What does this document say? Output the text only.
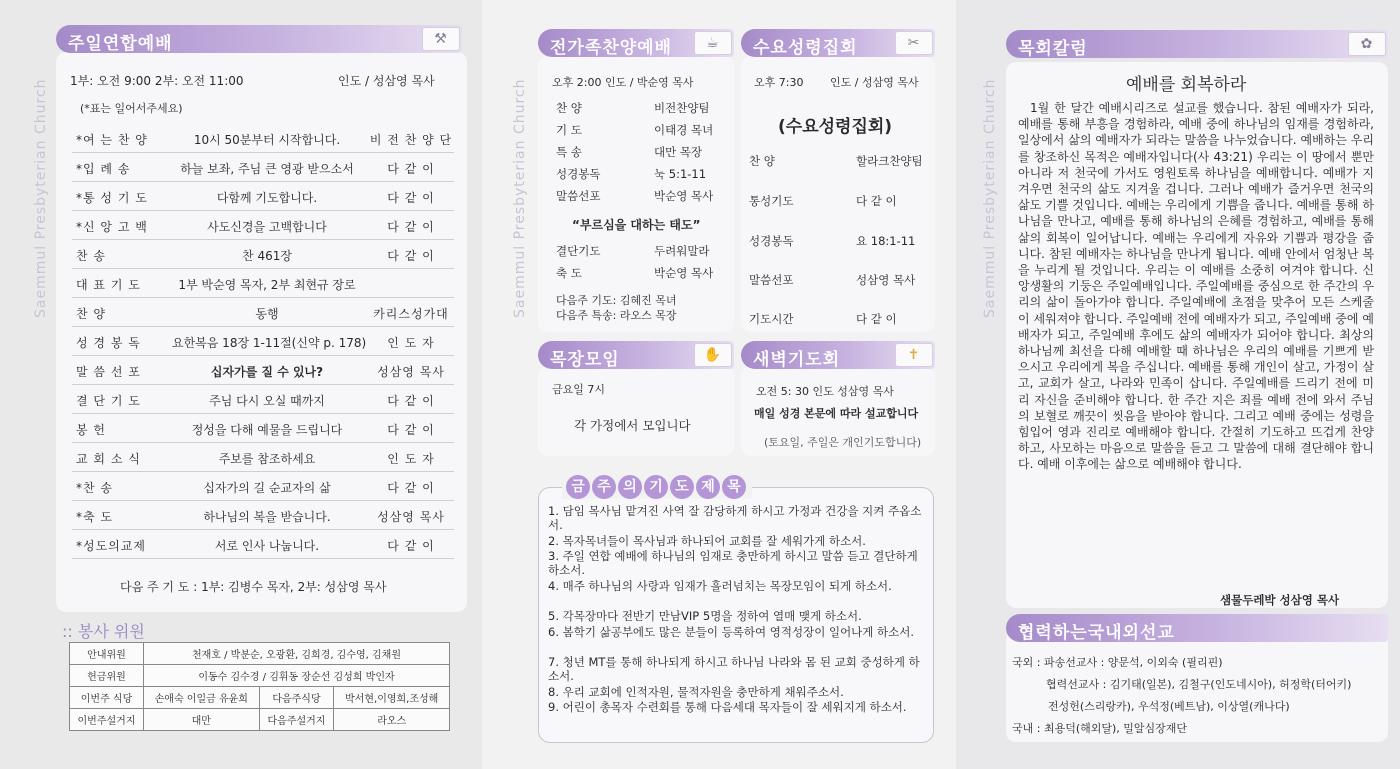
Saemmul Presbyterian Church
주일연합예배	⚒
1부: 오전 9:00 2부: 오전 11:00	인도 / 성삼영 목사
(*표는 일어서주세요)
*여 는 찬 양	10시 50분부터 시작합니다.	비 전 찬 양 단
*입 례 송	하늘 보좌, 주님 큰 영광 받으소서	다 같 이
*통 성 기 도	다함께 기도합니다.	다 같 이
*신 앙 고 백	사도신경을 고백합니다	다 같 이
찬 송	찬 461장	다 같 이
대 표 기 도	1부 박순영 목자, 2부 최현규 장로
찬 양	동행	카리스성가대
성 경 봉 독	요한복음 18장 1-11절(신약 p. 178)	인 도 자
말 씀 선 포	십자가를 질 수 있나?	성삼영 목사
결 단 기 도	주님 다시 오실 때까지	다 같 이
봉 헌	정성을 다해 예물을 드립니다	다 같 이
교 회 소 식	주보를 참조하세요	인 도 자
*찬 송	십자가의 길 순교자의 삶	다 같 이
*축 도	하나님의 복을 받습니다.	성삼영 목사
*성도의교제	서로 인사 나눕니다.	다 같 이
다음 주 기 도 : 1부: 김병수 목자, 2부: 성삼영 목사
:: 봉사 위원
안내위원	천재호 / 박분순, 오광환, 김희경, 김수영, 김채원		
헌금위원	이동수 김수경 / 김휘동 장순선 김성희 박인자		
이번주 식당	손애숙 이일금 유윤희	다음주식당	박서현,이영희,조성해
이번주설거지	대만	다음주설거지	라오스
Saemmul Presbyterian Church
전가족찬양예배	☕
오후 2:00 인도 / 박순영 목사
찬 양	비전찬양팀
기 도	이태경 목녀
특 송	대만 목장
성경봉독	눅 5:1-11
말씀선포	박순영 목사
결단기도	두려워말라
축 도	박순영 목사
“부르심을 대하는 태도”
다음주 기도: 김혜진 목녀
다음주 특송: 라오스 목장
수요성령집회	✂
오후 7:30 인도 / 성삼영 목사
(수요성령집회)
찬 양	할라크찬양팀
통성기도	다 같 이
성경봉독	요 18:1-11
말씀선포	성삼영 목사
기도시간	다 같 이
목장모임	✋
금요일 7시
각 가정에서 모입니다
새벽기도회	✝
오전 5: 30 인도 성삼영 목사
매일 성경 본문에 따라 설교합니다
(토요일, 주일은 개인기도합니다)
금 주 의 기 도 제 목
1. 담임 목사님 맡겨진 사역 잘 감당하게 하시고 가정과 건강을 지켜 주옵소서.
2. 목자목녀들이 목사님과 하나되어 교회를 잘 세워가게 하소서.
3. 주일 연합 예배에 하나님의 임재로 충만하게 하시고 말씀 듣고 결단하게 하소서.
4. 매주 하나님의 사랑과 임재가 흘러넘치는 목장모임이 되게 하소서.
5. 각목장마다 전반기 만남VIP 5명을 정하여 열매 맺게 하소서.
6. 봄학기 삶공부에도 많은 분들이 등록하여 영적성장이 일어나게 하소서.
7. 청년 MT를 통해 하나되게 하시고 하나님 나라와 몸 된 교회 중성하게 하소서.
8. 우리 교회에 인적자원, 물적자원을 충만하게 채워주소서.
9. 어린이 총목자 수련회를 통해 다음세대 목자들이 잘 세워지게 하소서.
Saemmul Presbyterian Church
목회칼럼	✿
예배를 회복하라
1월 한 달간 예배시리즈로 설교를 했습니다. 참된 예배자가 되라, 예배를 통해 부흥을 경험하라, 예배 중에 하나님의 임재를 경험하라, 일상에서 삶의 예배자가 되라는 말씀을 나누었습니다. 예배하는 우리를 창조하신 목적은 예배자입니다(사 43:21) 우리는 이 땅에서 뿐만 아니라 저 천국에 가서도 영원토록 하나님을 예배합니다. 예배가 지겨우면 천국의 삶도 지겨울 겁니다. 그러나 예배가 즐거우면 천국의 삶도 기쁠 것입니다. 예배는 우리에게 기쁨을 줍니다. 예배를 통해 하나님을 만나고, 예배를 통해 하나님의 은혜를 경험하고, 예배를 통해 삶의 회복이 일어납니다. 예배는 우리에게 자유와 기쁨과 평강을 줍니다. 참된 예배자는 하나님을 만나게 됩니다. 예배 안에서 엄청난 복을 누리게 될 것입니다. 우리는 이 예배를 소중히 여겨야 합니다. 신앙생활의 기둥은 주일예배입니다. 주일예배를 중심으로 한 주간의 우리의 삶이 돌아가야 합니다. 주일예배에 초점을 맞추어 모든 스케줄이 세워져야 합니다. 주일예배 전에 예배자가 되고, 주일예배 중에 예배자가 되고, 주일예배 후에도 삶의 예배자가 되어야 합니다. 최상의 하나님께 최선을 다해 예배할 때 하나님은 우리의 예배를 기쁘게 받으시고 우리에게 복을 주십니다. 예배를 통해 개인이 살고, 가정이 살고, 교회가 살고, 나라와 민족이 삽니다. 주일예배를 드리기 전에 미리 자신을 준비해야 합니다. 한 주간 지은 죄를 예배 전에 와서 주님의 보혈로 깨끗이 씻음을 받아야 합니다. 그리고 예배 중에는 성령을 힘입어 영과 진리로 예배해야 합니다. 간절히 기도하고 뜨겁게 찬양하고, 사모하는 마음으로 말씀을 듣고 그 말씀에 대해 결단해야 합니다. 예배 이후에는 삶으로 예배해야 합니다.
샘물두레박 성삼영 목사
협력하는국내외선교
국외 : 파송선교사 : 양문석, 이외숙 (필리핀)
협력선교사 : 김기태(일본), 김철구(인도네시아), 허정학(터어키)
전성헌(스리랑카), 우석정(베트남), 이상열(캐나다)
국내 : 최용덕(해외달), 밀알심장재단
